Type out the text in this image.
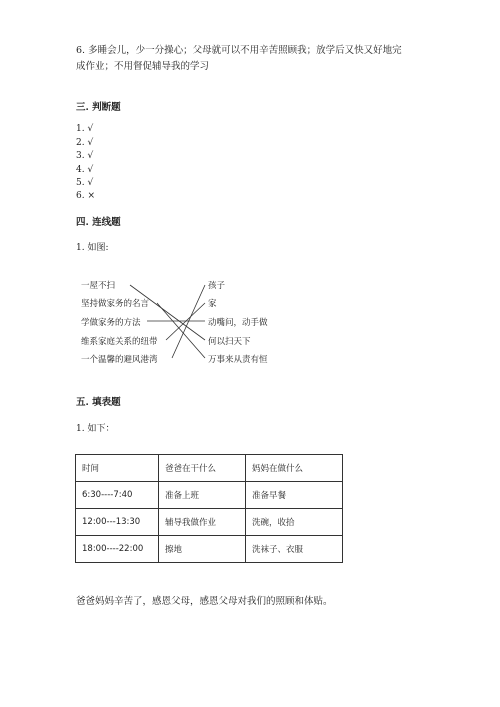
6. 多睡会儿，少一分操心；父母就可以不用辛苦照顾我；放学后又快又好地完
成作业；不用督促辅导我的学习
三. 判断题
1. √
2. √
3. √
4. √
5. √
6. ×
四. 连线题
1. 如图:
一屋不扫
坚持做家务的名言
学做家务的方法
维系家庭关系的纽带
一个温馨的避风港湾
孩子
家
动嘴问，动手做
何以扫天下
万事来从责有恒
五. 填表题
1. 如下：
时间	爸爸在干什么	妈妈在做什么
6:30----7:40	准备上班	准备早餐
12:00---13:30	辅导我做作业	洗碗，收拾
18:00----22:00	擦地	洗袜子、衣服
爸爸妈妈辛苦了，感恩父母，感恩父母对我们的照顾和体贴。
